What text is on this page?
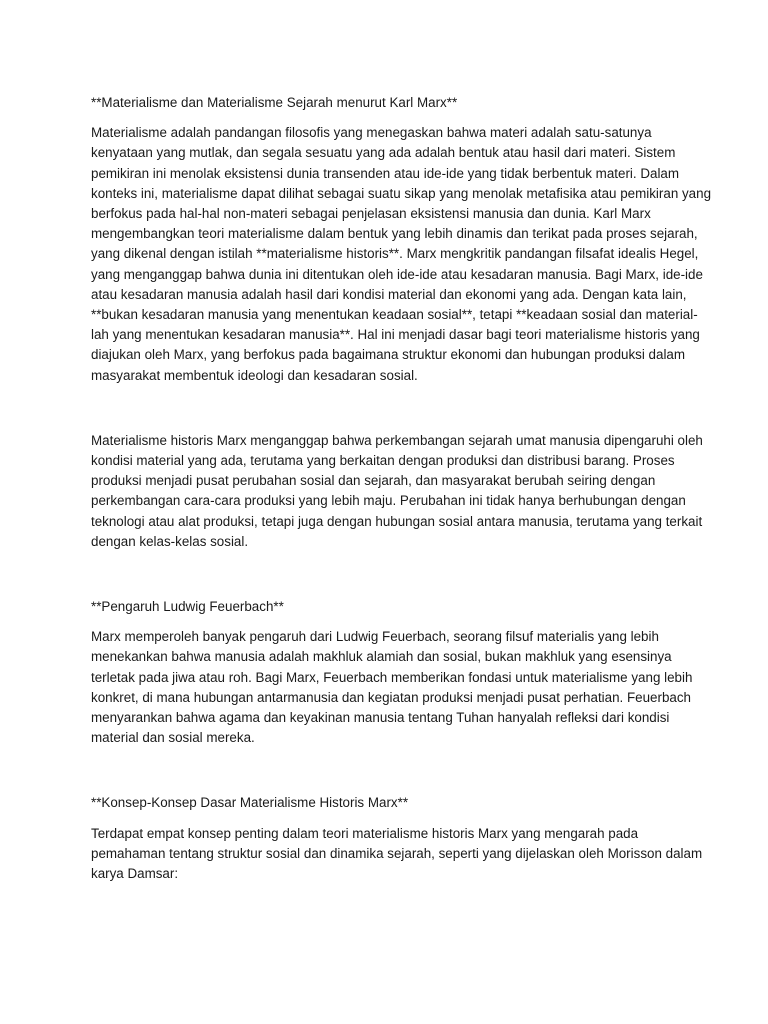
**Materialisme dan Materialisme Sejarah menurut Karl Marx**

Materialisme adalah pandangan filosofis yang menegaskan bahwa materi adalah satu-satunya
kenyataan yang mutlak, dan segala sesuatu yang ada adalah bentuk atau hasil dari materi. Sistem
pemikiran ini menolak eksistensi dunia transenden atau ide-ide yang tidak berbentuk materi. Dalam
konteks ini, materialisme dapat dilihat sebagai suatu sikap yang menolak metafisika atau pemikiran yang
berfokus pada hal-hal non-materi sebagai penjelasan eksistensi manusia dan dunia. Karl Marx
mengembangkan teori materialisme dalam bentuk yang lebih dinamis dan terikat pada proses sejarah,
yang dikenal dengan istilah **materialisme historis**. Marx mengkritik pandangan filsafat idealis Hegel,
yang menganggap bahwa dunia ini ditentukan oleh ide-ide atau kesadaran manusia. Bagi Marx, ide-ide
atau kesadaran manusia adalah hasil dari kondisi material dan ekonomi yang ada. Dengan kata lain,
**bukan kesadaran manusia yang menentukan keadaan sosial**, tetapi **keadaan sosial dan material-
lah yang menentukan kesadaran manusia**. Hal ini menjadi dasar bagi teori materialisme historis yang
diajukan oleh Marx, yang berfokus pada bagaimana struktur ekonomi dan hubungan produksi dalam
masyarakat membentuk ideologi dan kesadaran sosial.

Materialisme historis Marx menganggap bahwa perkembangan sejarah umat manusia dipengaruhi oleh
kondisi material yang ada, terutama yang berkaitan dengan produksi dan distribusi barang. Proses
produksi menjadi pusat perubahan sosial dan sejarah, dan masyarakat berubah seiring dengan
perkembangan cara-cara produksi yang lebih maju. Perubahan ini tidak hanya berhubungan dengan
teknologi atau alat produksi, tetapi juga dengan hubungan sosial antara manusia, terutama yang terkait
dengan kelas-kelas sosial.

**Pengaruh Ludwig Feuerbach**

Marx memperoleh banyak pengaruh dari Ludwig Feuerbach, seorang filsuf materialis yang lebih
menekankan bahwa manusia adalah makhluk alamiah dan sosial, bukan makhluk yang esensinya
terletak pada jiwa atau roh. Bagi Marx, Feuerbach memberikan fondasi untuk materialisme yang lebih
konkret, di mana hubungan antarmanusia dan kegiatan produksi menjadi pusat perhatian. Feuerbach
menyarankan bahwa agama dan keyakinan manusia tentang Tuhan hanyalah refleksi dari kondisi
material dan sosial mereka.

**Konsep-Konsep Dasar Materialisme Historis Marx**

Terdapat empat konsep penting dalam teori materialisme historis Marx yang mengarah pada
pemahaman tentang struktur sosial dan dinamika sejarah, seperti yang dijelaskan oleh Morisson dalam
karya Damsar:
